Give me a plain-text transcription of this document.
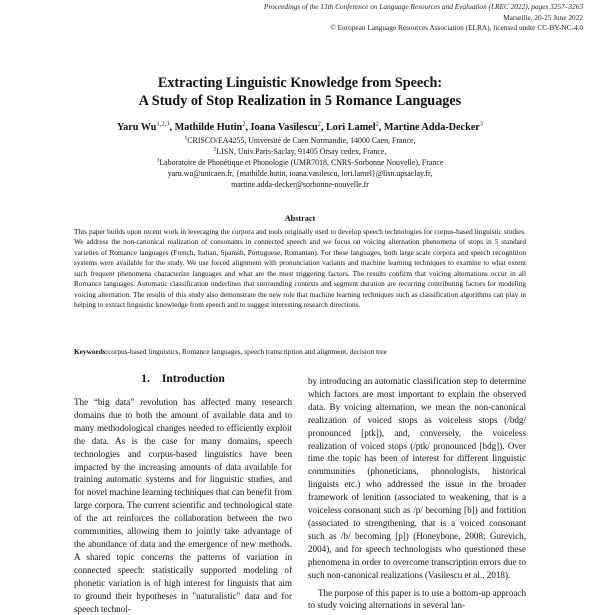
Proceedings of the 13th Conference on Language Resources and Evaluation (LREC 2022), pages 3257–3263
Marseille, 20-25 June 2022
© European Language Resources Association (ELRA), licensed under CC-BY-NC-4.0
Extracting Linguistic Knowledge from Speech:
A Study of Stop Realization in 5 Romance Languages
Yaru Wu$^{1,2,3}$, Mathilde Hutin$^2$, Ioana Vasilescu$^2$, Lori Lamel$^2$, Martine Adda-Decker$^3$
$^1$CRISCO/EA4255, Université de Caen Normandie, 14000 Caen, France,
$^2$LISN, Univ.Paris-Saclay, 91405 Orsay cedex, France,
$^3$Laboratoire de Phonétique et Phonologie (UMR7018, CNRS-Sorbonne Nouvelle), France
yaru.wu@unicaen.fr, {mathilde.hutin, ioana.vasilescu, lori.lamel}@lisn.upsaclay.fr,
martine.adda-decker@sorbonne-nouvelle.fr
Abstract
This paper builds upon recent work in leveraging the corpora and tools originally used to develop speech technologies for corpus-based linguistic studies. We address the non-canonical realization of consonants in connected speech and we focus on voicing alternation phenomena of stops in 5 standard varieties of Romance languages (French, Italian, Spanish, Portuguese, Romanian). For these languages, both large scale corpora and speech recognition systems were available for the study. We use forced alignment with pronunciation variants and machine learning techniques to examine to what extent such frequent phenomena characterize languages and what are the most triggering factors. The results confirm that voicing alternations occur in all Romance languages. Automatic classification underlines that surrounding contexts and segment duration are recurring contributing factors for modeling voicing alternation. The results of this study also demonstrate the new role that machine learning techniques such as classification algorithms can play in helping to extract linguistic knowledge from speech and to suggest interesting research directions.
Keywords:corpus-based linguistics, Romance languages, speech transcription and alignment, decision tree
1. Introduction

The “big data” revolution has affected many research domains due to both the amount of available data and to many methodological changes needed to efficiently exploit the data. As is the case for many domains, speech technologies and corpus-based linguistics have been impacted by the increasing amounts of data available for training automatic systems and for linguistic studies, and for novel machine learning techniques that can benefit from large corpora. The current scientific and technological state of the art reinforces the collaboration between the two communities, allowing them to jointly take advantage of the abundance of data and the emergence of new methods. A shared topic concerns the patterns of variation in connected speech: statistically supported modeling of phonetic variation is of high interest for linguists that aim to ground their hypotheses in "naturalistic" data and for speech technol-

by introducing an automatic classification step to determine which factors are most important to explain the observed data. By voicing alternation, we mean the non-canonical realization of voiced stops as voiceless stops (/bdg/ pronounced [ptk]), and, conversely, the voiceless realization of voiced stops (/ptk/ pronounced [bdg]). Over time the topic has been of interest for different linguistic communities (phoneticians, phonologists, historical linguists etc.) who addressed the issue in the broader framework of lenition (associated to weakening, that is a voiceless consonant such as /p/ becoming [b]) and fortition (associated to strengthening, that is a voiced consonant such as /b/ becoming [p]) (Honeybone, 2008; Gurevich, 2004), and for speech technologists who questioned these phenomena in order to overcome transcription errors due to such non-canonical realizations (Vasilescu et al., 2018).

The purpose of this paper is to use a bottom-up approach to study voicing alternations in several lan-
